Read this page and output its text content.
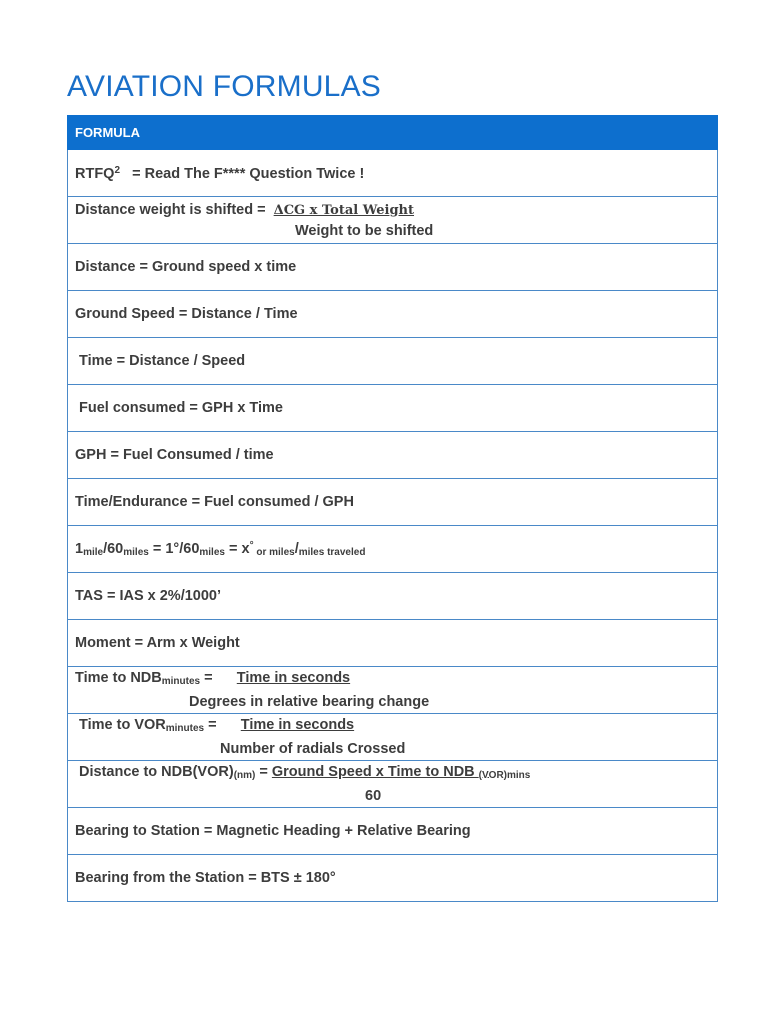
AVIATION FORMULAS
FORMULA
$RTFQ^2$ = Read The F**** Question Twice !

Distance weight is shifted = ΔCG x Total Weight
Weight to be shifted

Distance = Ground speed x time
Ground Speed = Distance / Time
Time = Distance / Speed
Fuel consumed = GPH x Time
GPH = Fuel Consumed / time
Time/Endurance = Fuel consumed / GPH
$1_{mile}/60_{miles} = 1^\circ/60_{miles} = x^\circ$ $_{or miles}/_{miles traveled}$
TAS = IAS x 2%/1000’
Moment = Arm x Weight

Time to $NDB_{minutes}$ = Time in seconds
Degrees in relative bearing change

Time to $VOR_{minutes}$ = Time in seconds
Number of radials Crossed

Distance to $NDB(VOR)_{(nm)}$ = Ground Speed x Time to NDB $_{(VOR)mins}$
60

Bearing to Station = Magnetic Heading + Relative Bearing
Bearing from the Station = BTS ± 180°
